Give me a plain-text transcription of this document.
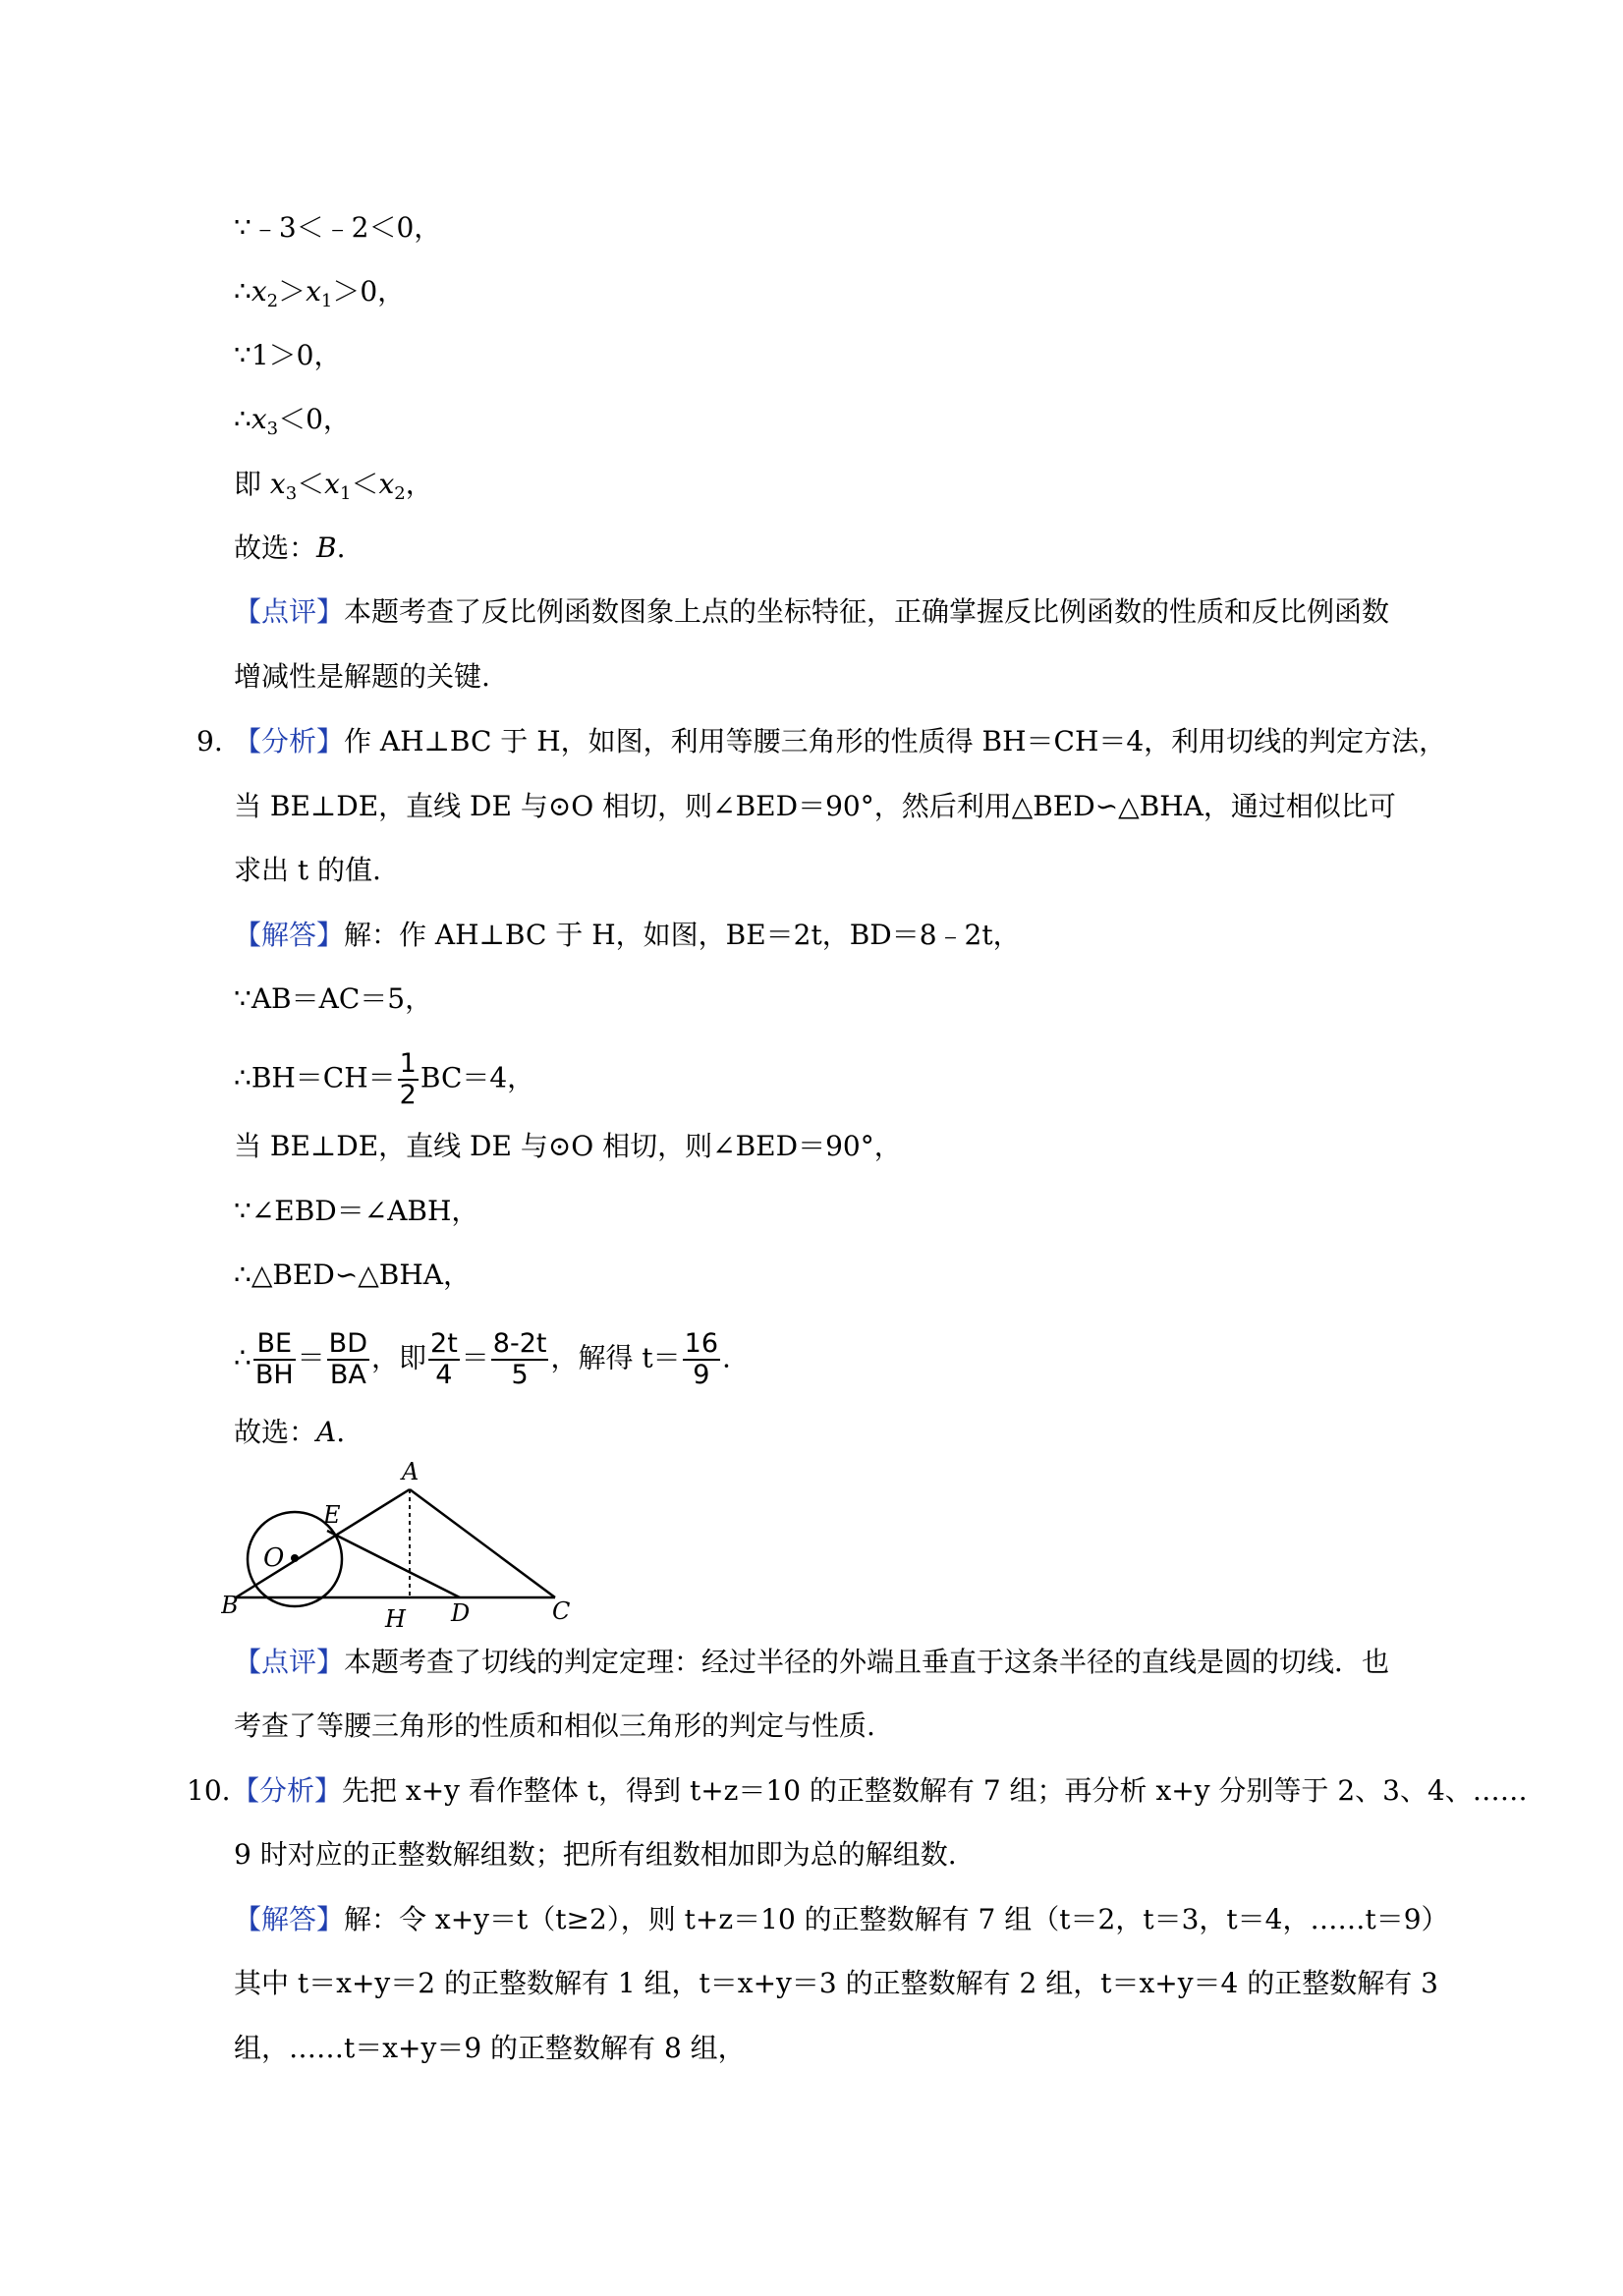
∵﹣3＜﹣2＜0，
$\therefore x_2>x_1>0$，
∵1＞0，
$\therefore x_3<0$，
即 $x_3<x_1<x_2$，
故选：B.
【点评】本题考查了反比例函数图象上点的坐标特征，正确掌握反比例函数的性质和反比例函数
增减性是解题的关键.
9. 【分析】作 AH⊥BC 于 H，如图，利用等腰三角形的性质得 BH＝CH＝4，利用切线的判定方法，
当 BE⊥DE，直线 DE 与⊙O 相切，则∠BED＝90°，然后利用△BED∽△BHA，通过相似比可
求出 t 的值.
【解答】解：作 AH⊥BC 于 H，如图，BE＝2t，BD＝8﹣2t，
∵AB＝AC＝5，
∴BH＝CH＝ $\frac{1}{2} BC=4$，
当 BE⊥DE，直线 DE 与⊙O 相切，则∠BED＝90°，
∵∠EBD＝∠ABH，
∴△BED∽△BHA，
∴ $\frac{BE}{BH} = \frac{BD}{BA}$ ，即 $\frac{2t}{4} = \frac{8-2t}{5}$ ，解得 $t= \frac{16}{9}$ .
故选：A.
A
E
O
B	H D	C
【点评】本题考查了切线的判定定理：经过半径的外端且垂直于这条半径的直线是圆的切线．也
考查了等腰三角形的性质和相似三角形的判定与性质.
10. 【分析】先把 x+y 看作整体 t，得到 t+z＝10 的正整数解有 7 组；再分析 x+y 分别等于 2、3、4、……
9 时对应的正整数解组数；把所有组数相加即为总的解组数.
【解答】解：令 x+y＝t（t≥2），则 t+z＝10 的正整数解有 7 组（t＝2，t＝3，t＝4，……t＝9）
其中 t＝x+y＝2 的正整数解有 1 组，t＝x+y＝3 的正整数解有 2 组，t＝x+y＝4 的正整数解有 3
组，……t＝x+y＝9 的正整数解有 8 组，
